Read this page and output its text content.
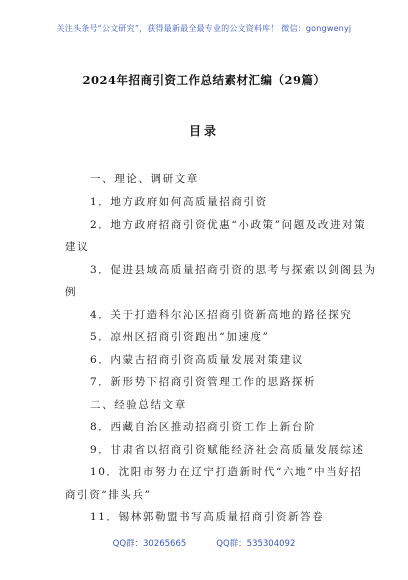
关注头条号“公文研究”，获得最新最全最专业的公文资料库！ 微信：gongwenyj
2024年招商引资工作总结素材汇编（29篇）
目录
一、理论、调研文章
1．地方政府如何高质量招商引资
2．地方政府招商引资优惠“小政策”问题及改进对策
建议
3．促进县域高质量招商引资的思考与探索以剑阁县为
例
4．关于打造科尔沁区招商引资新高地的路径探究
5．凉州区招商引资跑出“加速度”
6．内蒙古招商引资高质量发展对策建议
7．新形势下招商引资管理工作的思路探析
二、经验总结文章
8．西藏自治区推动招商引资工作上新台阶
9．甘肃省以招商引资赋能经济社会高质量发展综述
10．沈阳市努力在辽宁打造新时代“六地”中当好招
商引资“排头兵”
11．锡林郭勒盟书写高质量招商引资新答卷
QQ群：30265665	QQ群：535304092
